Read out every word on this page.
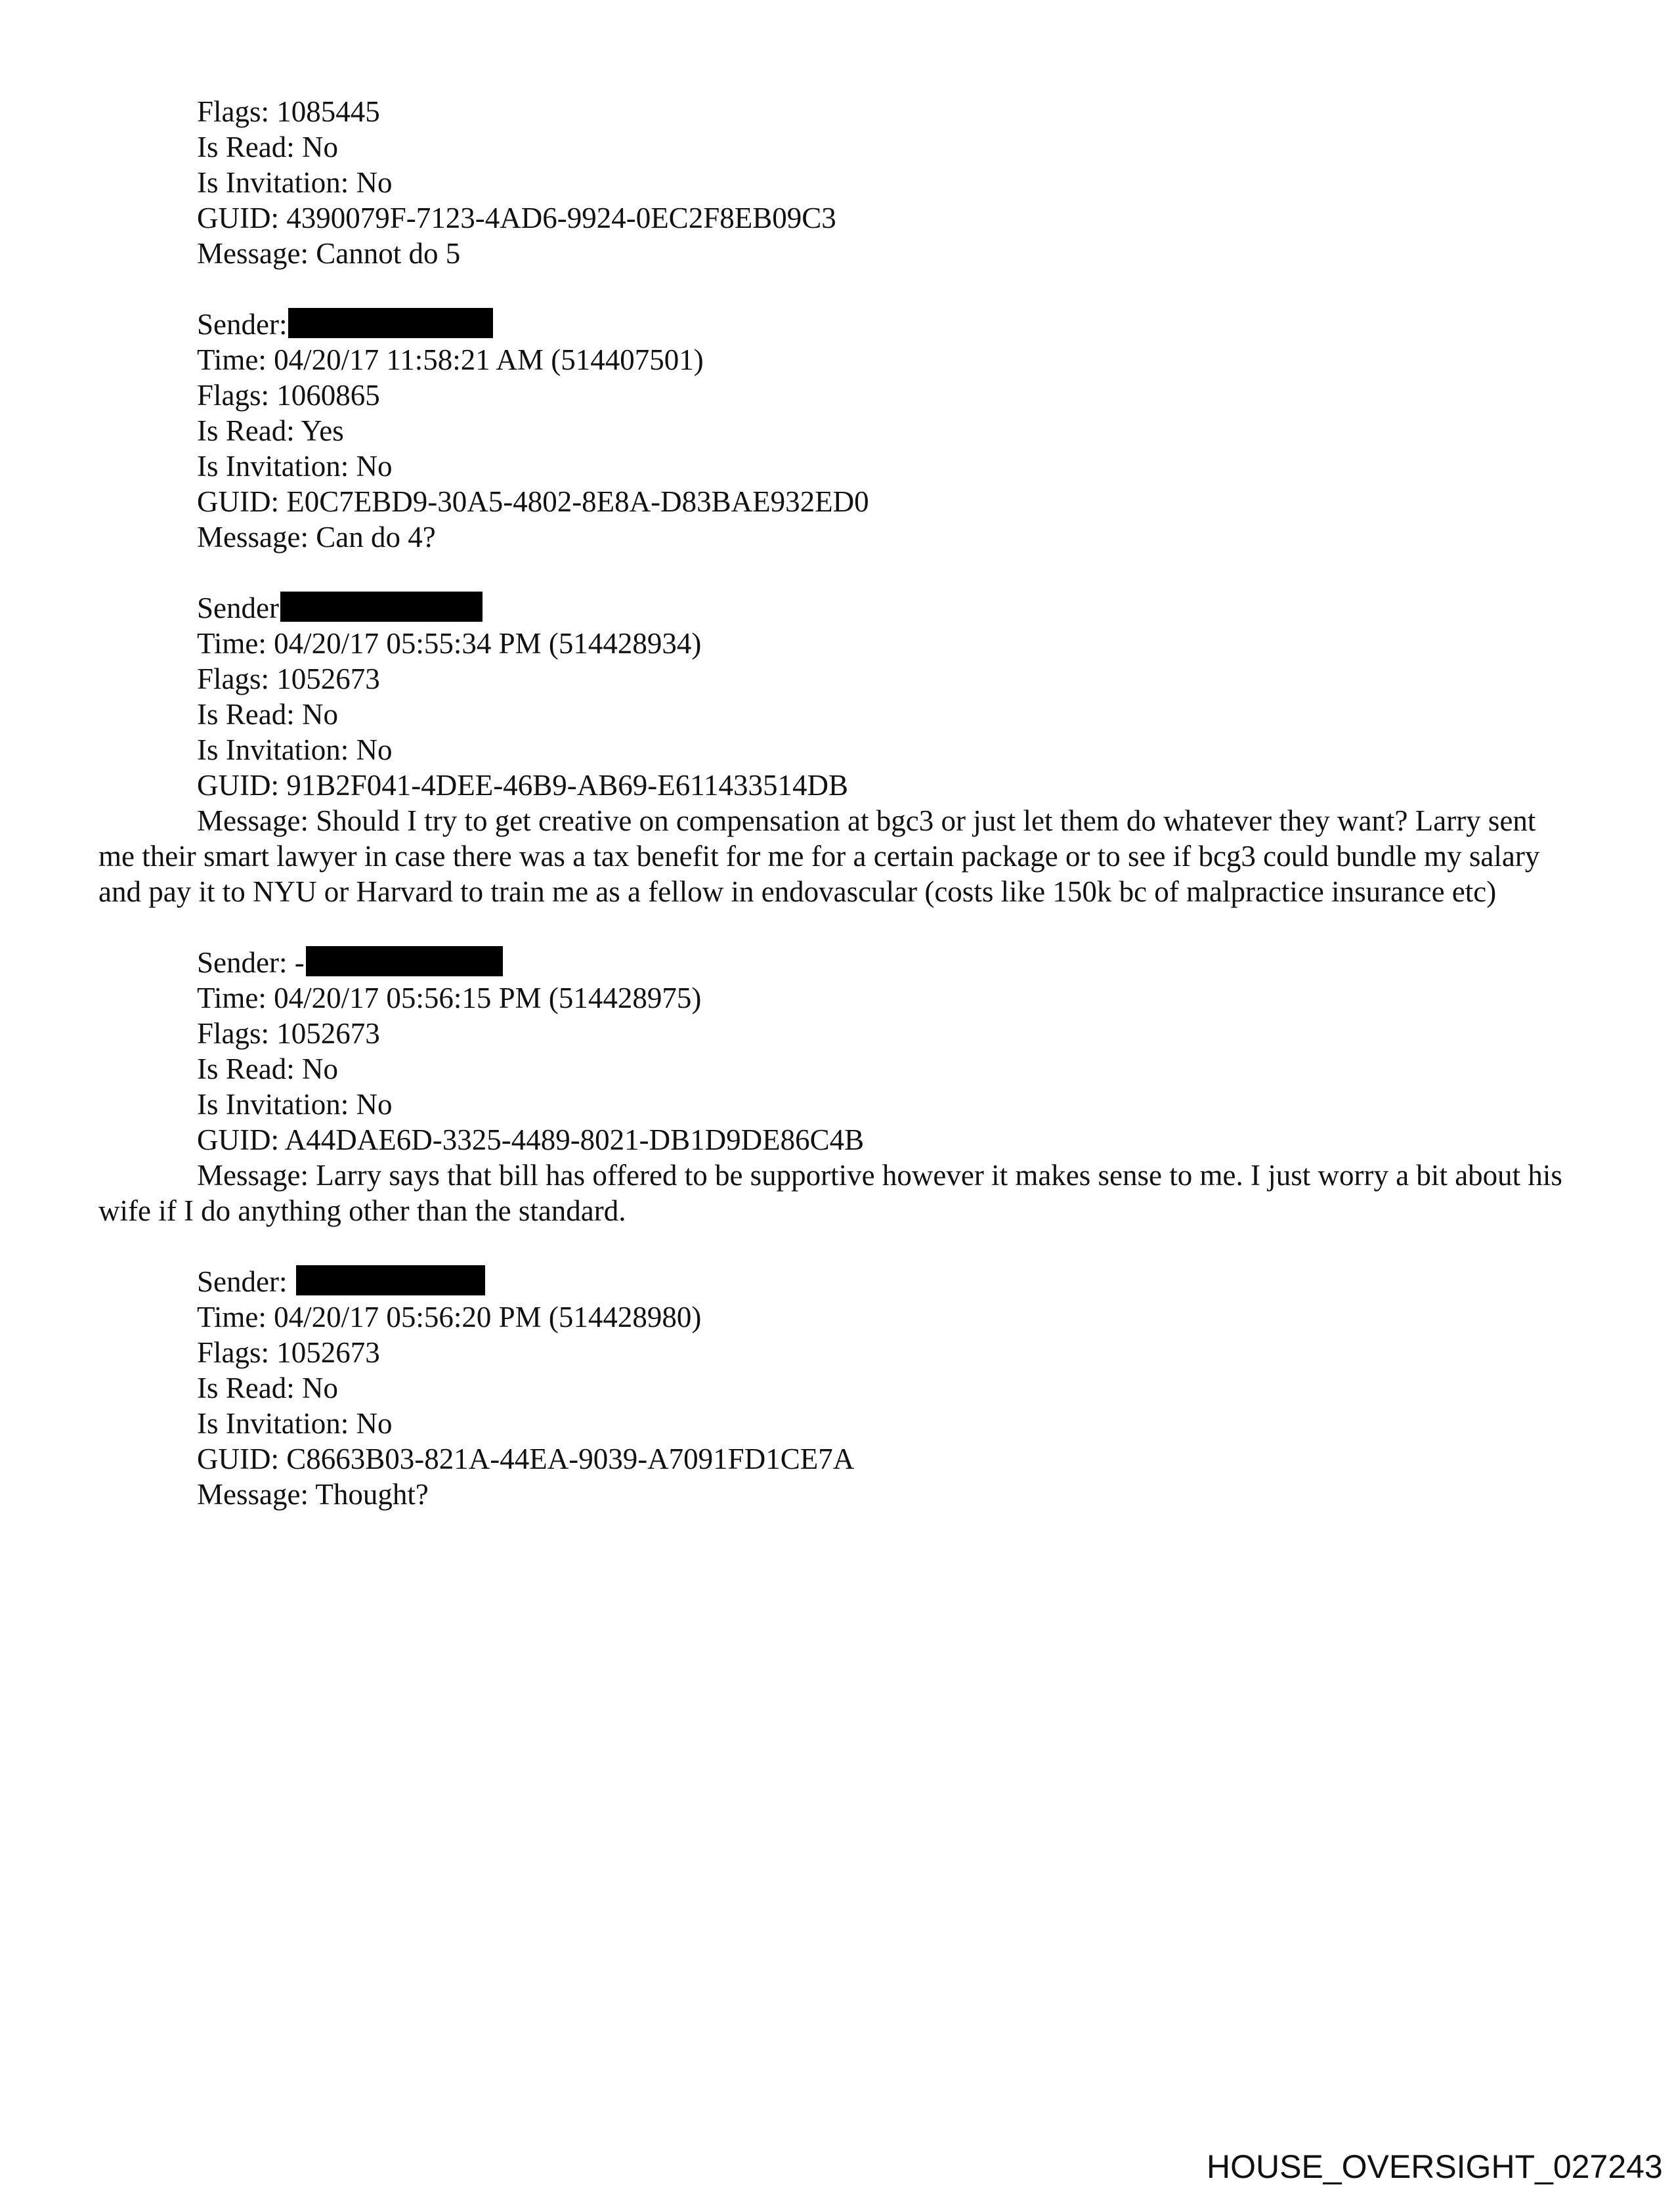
Flags: 1085445
Is Read: No
Is Invitation: No
GUID: 4390079F-7123-4AD6-9924-0EC2F8EB09C3
Message: Cannot do 5
Sender:
Time: 04/20/17 11:58:21 AM (514407501)
Flags: 1060865
Is Read: Yes
Is Invitation: No
GUID: E0C7EBD9-30A5-4802-8E8A-D83BAE932ED0
Message: Can do 4?
Sender
Time: 04/20/17 05:55:34 PM (514428934)
Flags: 1052673
Is Read: No
Is Invitation: No
GUID: 91B2F041-4DEE-46B9-AB69-E611433514DB
Message: Should I try to get creative on compensation at bgc3 or just let them do whatever they want? Larry sent me their smart lawyer in case there was a tax benefit for me for a certain package or to see if bcg3 could bundle my salary and pay it to NYU or Harvard to train me as a fellow in endovascular (costs like 150k bc of malpractice insurance etc)
Sender: -
Time: 04/20/17 05:56:15 PM (514428975)
Flags: 1052673
Is Read: No
Is Invitation: No
GUID: A44DAE6D-3325-4489-8021-DB1D9DE86C4B
Message: Larry says that bill has offered to be supportive however it makes sense to me. I just worry a bit about his wife if I do anything other than the standard.
Sender:
Time: 04/20/17 05:56:20 PM (514428980)
Flags: 1052673
Is Read: No
Is Invitation: No
GUID: C8663B03-821A-44EA-9039-A7091FD1CE7A
Message: Thought?
HOUSE_OVERSIGHT_027243
